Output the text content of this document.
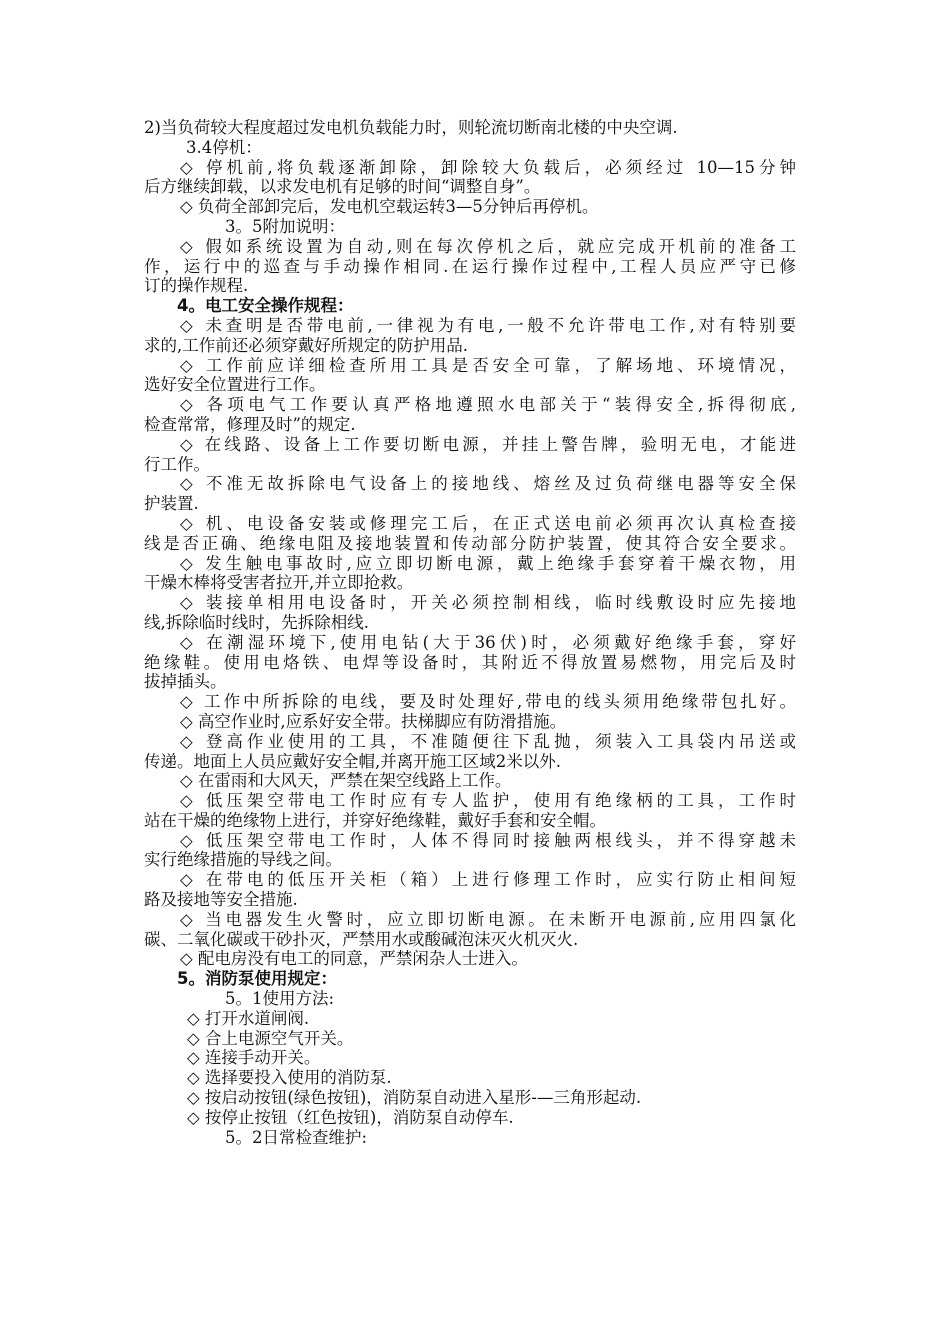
2)当负荷较大程度超过发电机负载能力时，则轮流切断南北楼的中央空调.
3.4停机：
◇ 停机前,将负载逐渐卸除，卸除较大负载后，必须经过 10—15分钟
后方继续卸载，以求发电机有足够的时间“调整自身”。
◇ 负荷全部卸完后，发电机空载运转3—5分钟后再停机。
3。5附加说明：
◇ 假如系统设置为自动,则在每次停机之后，就应完成开机前的准备工
作，运行中的巡查与手动操作相同.在运行操作过程中,工程人员应严守已修
订的操作规程.
4。电工安全操作规程：
◇ 未查明是否带电前,一律视为有电,一般不允许带电工作,对有特别要
求的,工作前还必须穿戴好所规定的防护用品.
◇ 工作前应详细检查所用工具是否安全可靠，了解场地、环境情况，
选好安全位置进行工作。
◇ 各项电气工作要认真严格地遵照水电部关于“装得安全,拆得彻底,
检查常常，修理及时”的规定.
◇ 在线路、设备上工作要切断电源，并挂上警告牌，验明无电，才能进
行工作。
◇ 不准无故拆除电气设备上的接地线、熔丝及过负荷继电器等安全保
护装置.
◇ 机、电设备安装或修理完工后，在正式送电前必须再次认真检查接
线是否正确、绝缘电阻及接地装置和传动部分防护装置，使其符合安全要求。
◇ 发生触电事故时,应立即切断电源，戴上绝缘手套穿着干燥衣物，用
干燥木棒将受害者拉开,并立即抢救。
◇ 装接单相用电设备时，开关必须控制相线，临时线敷设时应先接地
线,拆除临时线时，先拆除相线.
◇ 在潮湿环境下,使用电钻(大于36伏)时，必须戴好绝缘手套，穿好
绝缘鞋。使用电烙铁、电焊等设备时，其附近不得放置易燃物，用完后及时
拔掉插头。
◇ 工作中所拆除的电线，要及时处理好,带电的线头须用绝缘带包扎好。
◇ 高空作业时,应系好安全带。扶梯脚应有防滑措施。
◇ 登高作业使用的工具，不准随便往下乱抛，须装入工具袋内吊送或
传递。地面上人员应戴好安全帽,并离开施工区域2米以外.
◇ 在雷雨和大风天，严禁在架空线路上工作。
◇ 低压架空带电工作时应有专人监护，使用有绝缘柄的工具，工作时
站在干燥的绝缘物上进行，并穿好绝缘鞋，戴好手套和安全帽。
◇ 低压架空带电工作时，人体不得同时接触两根线头，并不得穿越未
实行绝缘措施的导线之间。
◇ 在带电的低压开关柜（箱）上进行修理工作时，应实行防止相间短
路及接地等安全措施.
◇ 当电器发生火警时，应立即切断电源。在未断开电源前,应用四氯化
碳、二氧化碳或干砂扑灭，严禁用水或酸碱泡沫灭火机灭火.
◇ 配电房没有电工的同意，严禁闲杂人士进入。
5。消防泵使用规定：
5。1使用方法:
◇ 打开水道闸阀.
◇ 合上电源空气开关。
◇ 连接手动开关。
◇ 选择要投入使用的消防泵.
◇ 按启动按钮(绿色按钮)，消防泵自动进入星形-—三角形起动.
◇ 按停止按钮（红色按钮)，消防泵自动停车.
5。2日常检查维护:
